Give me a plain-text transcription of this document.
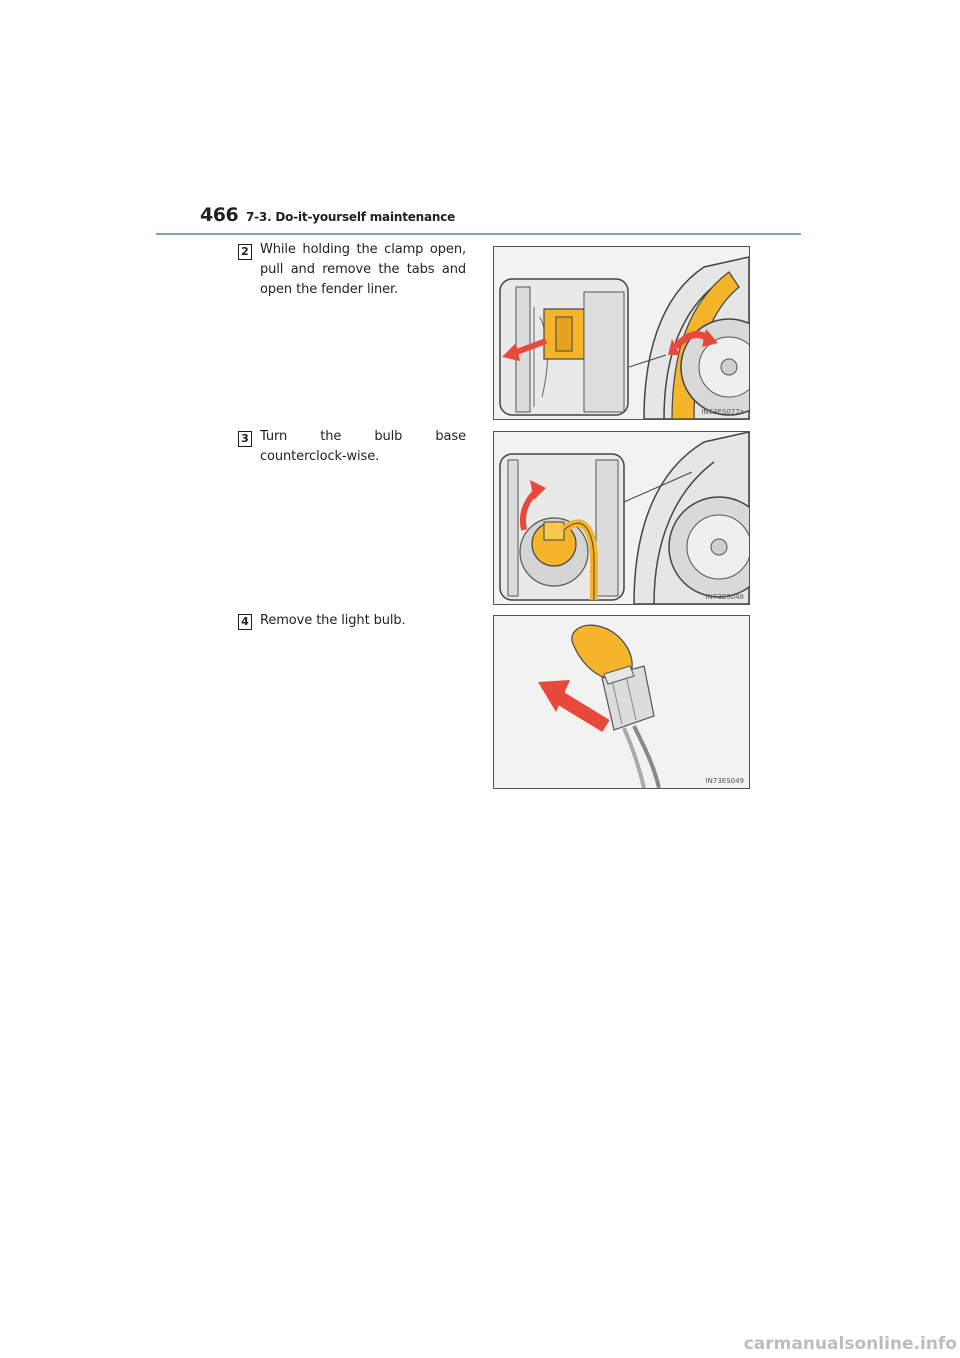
466 7-3. Do-it-yourself maintenance
2 While holding the clamp open, pull and remove the tabs and open the fender liner.
IN63ES077a
3 Turn the bulb base counterclock-wise.
IN73ES048
4 Remove the light bulb.
IN73ES049
carmanualsonline.info
